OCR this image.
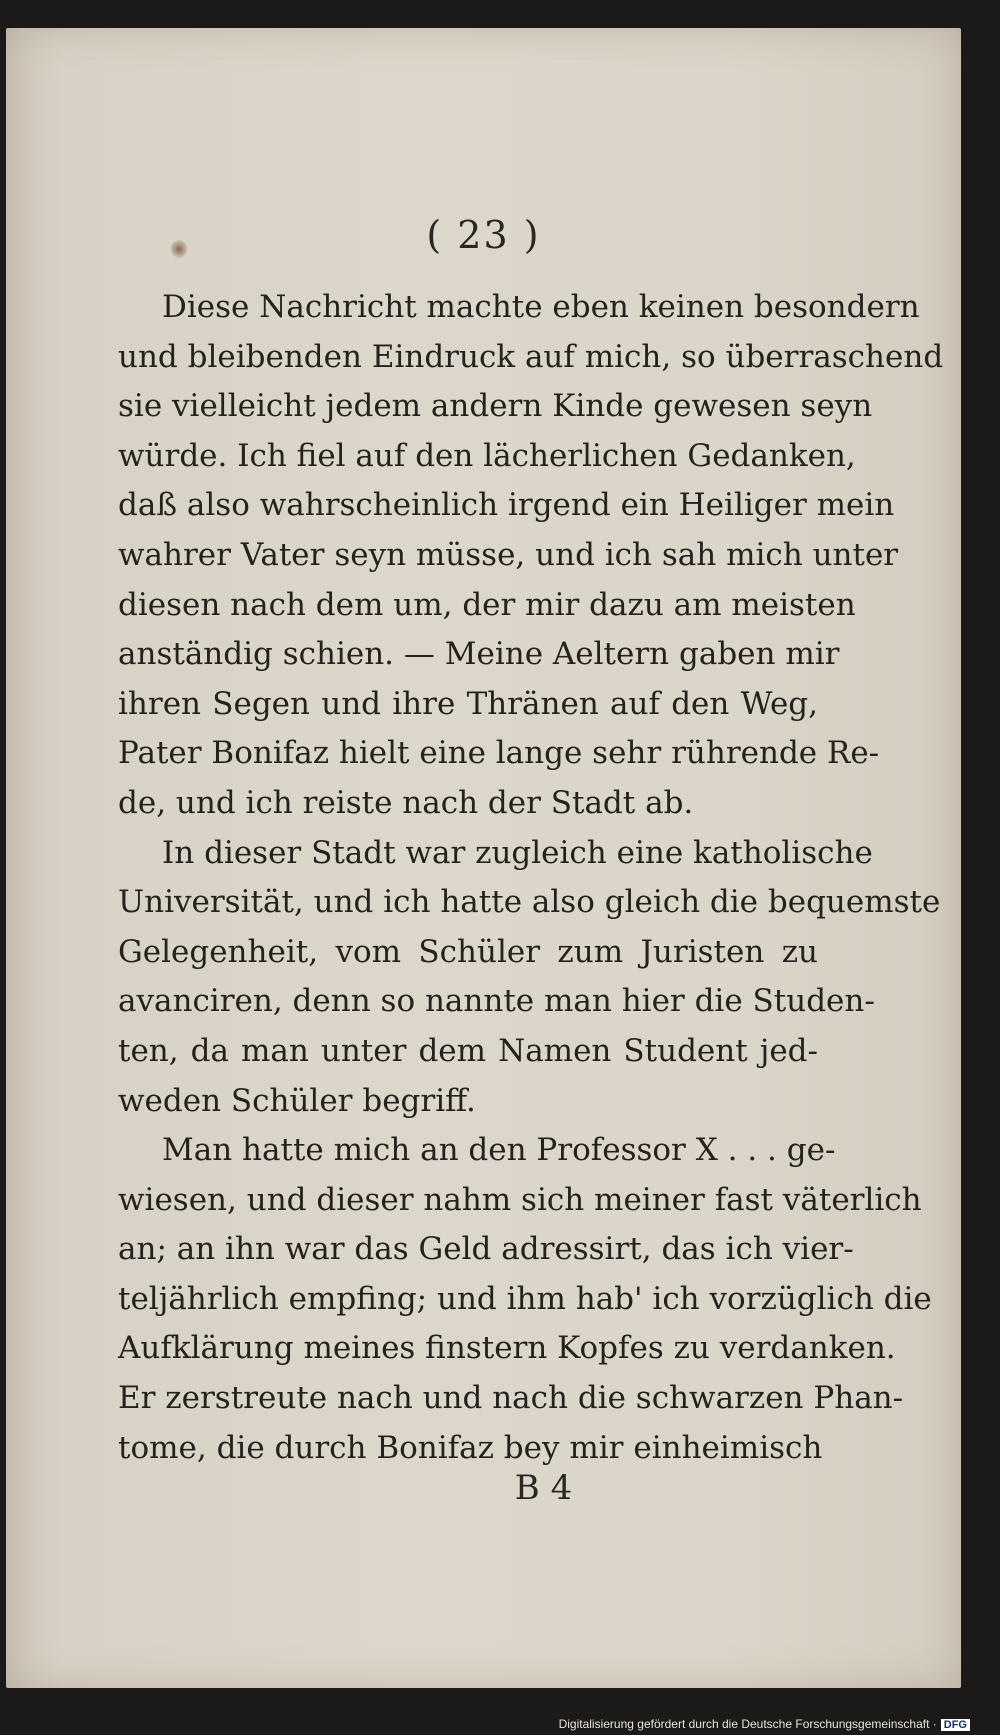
( 23 )
Diese Nachricht machte eben keinen besondern
und bleibenden Eindruck auf mich, so überraschend
sie vielleicht jedem andern Kinde gewesen seyn
würde. Ich fiel auf den lächerlichen Gedanken,
daß also wahrscheinlich irgend ein Heiliger mein
wahrer Vater seyn müsse, und ich sah mich unter
diesen nach dem um, der mir dazu am meisten
anständig schien. — Meine Aeltern gaben mir
ihren Segen und ihre Thränen auf den Weg,
Pater Bonifaz hielt eine lange sehr rührende Re-
de, und ich reiste nach der Stadt ab.
In dieser Stadt war zugleich eine katholische
Universität, und ich hatte also gleich die bequemste
Gelegenheit, vom Schüler zum Juristen zu
avanciren, denn so nannte man hier die Studen-
ten, da man unter dem Namen Student jed-
weden Schüler begriff.
Man hatte mich an den Professor X . . . ge-
wiesen, und dieser nahm sich meiner fast väterlich
an; an ihn war das Geld adressirt, das ich vier-
teljährlich empfing; und ihm hab' ich vorzüglich die
Aufklärung meines finstern Kopfes zu verdanken.
Er zerstreute nach und nach die schwarzen Phan-
tome, die durch Bonifaz bey mir einheimisch
B 4
Digitalisierung gefördert durch die Deutsche Forschungsgemeinschaft · DFG
